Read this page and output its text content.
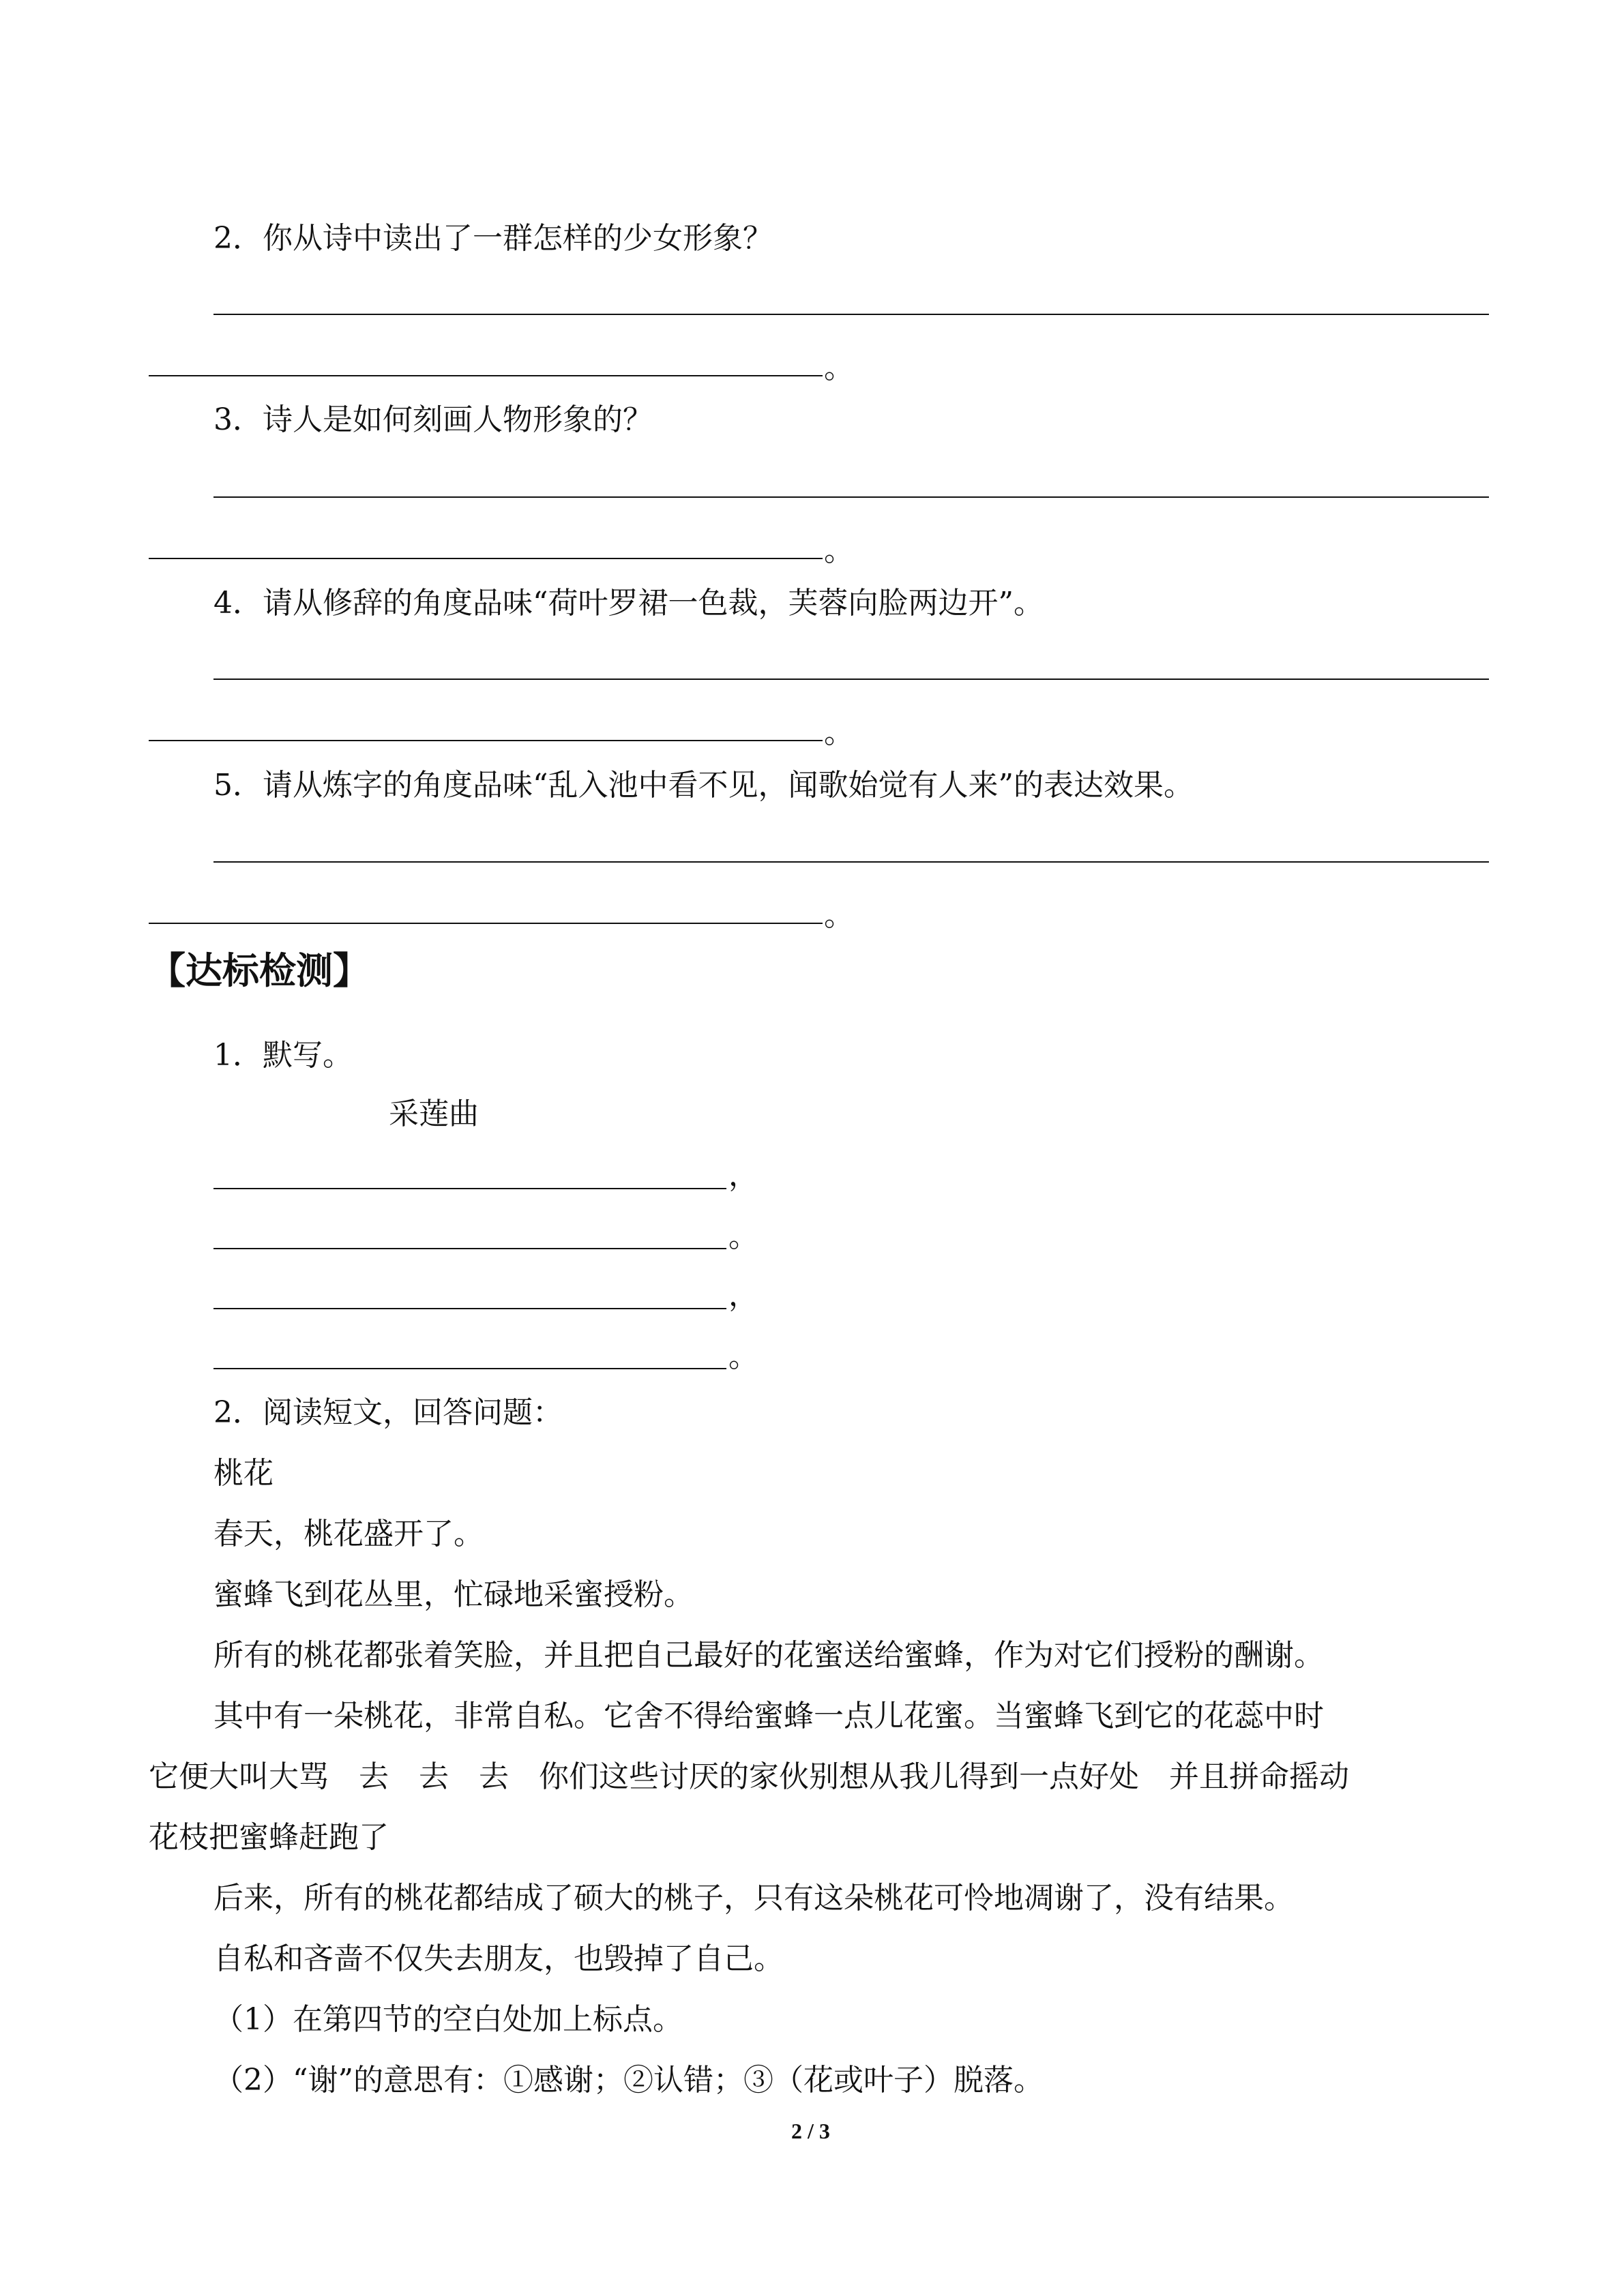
2．你从诗中读出了一群怎样的少女形象？
。
3．诗人是如何刻画人物形象的？
。
4．请从修辞的角度品味“荷叶罗裙一色裁，芙蓉向脸两边开”。
。
5．请从炼字的角度品味“乱入池中看不见，闻歌始觉有人来”的表达效果。
。
【达标检测】
1．默写。
采莲曲
，
。
，
。
2．阅读短文，回答问题：
桃花
春天，桃花盛开了。
蜜蜂飞到花丛里，忙碌地采蜜授粉。
所有的桃花都张着笑脸，并且把自己最好的花蜜送给蜜蜂，作为对它们授粉的酬谢。
其中有一朵桃花，非常自私。它舍不得给蜜蜂一点儿花蜜。当蜜蜂飞到它的花蕊中时
它便大叫大骂　去　去　去　你们这些讨厌的家伙别想从我儿得到一点好处　并且拼命摇动
花枝把蜜蜂赶跑了
后来，所有的桃花都结成了硕大的桃子，只有这朵桃花可怜地凋谢了，没有结果。
自私和吝啬不仅失去朋友，也毁掉了自己。
（1）在第四节的空白处加上标点。
（2）“谢”的意思有：①感谢；②认错；③（花或叶子）脱落。
2 / 3
